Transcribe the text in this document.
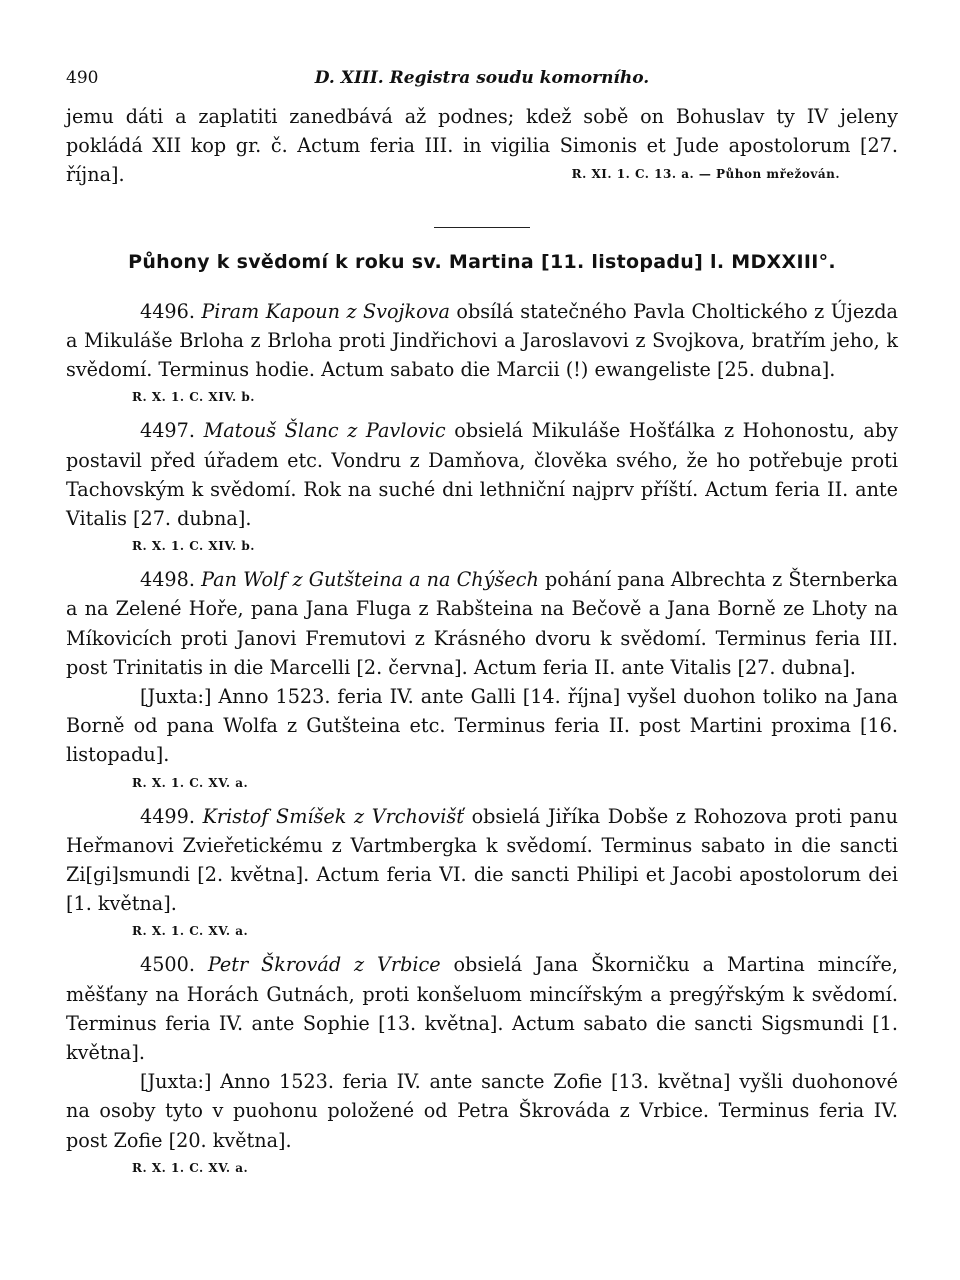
490	D. XIII. Registra soudu komorního.

jemu dáti a zaplatiti zanedbává až podnes; kdež sobě on Bohuslav ty IV jeleny pokládá XII kop gr. č. Actum feria III. in vigilia Simonis et Jude apostolorum [27. října].	R. XI. 1. C. 13. a. — Půhon mřežován.
Půhony k svědomí k roku sv. Martina [11. listopadu] l. MDXXIII°.

4496. Piram Kapoun z Svojkova obsílá statečného Pavla Choltického z Újezda a Mikuláše Brloha z Brloha proti Jindřichovi a Jaroslavovi z Svojkova, bratřím jeho, k svědomí. Terminus hodie. Actum sabato die Marcii (!) ewangeliste [25. dubna].

R. X. 1. C. XIV. b.

4497. Matouš Šlanc z Pavlovic obsielá Mikuláše Hošťálka z Hohonostu, aby postavil před úřadem etc. Vondru z Damňova, člověka svého, že ho potřebuje proti Tachovským k svědomí. Rok na suché dni lethniční najprv příští. Actum feria II. ante Vitalis [27. dubna].

R. X. 1. C. XIV. b.

4498. Pan Wolf z Gutšteina a na Chýšech pohání pana Albrechta z Šternberka a na Zelené Hoře, pana Jana Fluga z Rabšteina na Bečově a Jana Borně ze Lhoty na Míkovicích proti Janovi Fremutovi z Krásného dvoru k svědomí. Terminus feria III. post Trinitatis in die Marcelli [2. června]. Actum feria II. ante Vitalis [27. dubna].

[Juxta:] Anno 1523. feria IV. ante Galli [14. října] vyšel duohon toliko na Jana Borně od pana Wolfa z Gutšteina etc. Terminus feria II. post Martini proxima [16. listopadu].

R. X. 1. C. XV. a.

4499. Kristof Smíšek z Vrchovišť obsielá Jiříka Dobše z Rohozova proti panu Heřmanovi Zvieřetickému z Vartmbergka k svědomí. Terminus sabato in die sancti Zi[gi]smundi [2. května]. Actum feria VI. die sancti Philipi et Jacobi apostolorum dei [1. května].

R. X. 1. C. XV. a.

4500. Petr Škrovád z Vrbice obsielá Jana Škorničku a Martina mincíře, měšťany na Horách Gutnách, proti konšeluom mincířským a pregýřským k svědomí. Terminus feria IV. ante Sophie [13. května]. Actum sabato die sancti Sigsmundi [1. května].

[Juxta:] Anno 1523. feria IV. ante sancte Zofie [13. května] vyšli duohonové na osoby tyto v puohonu položené od Petra Škrováda z Vrbice. Terminus feria IV. post Zofie [20. května].

R. X. 1. C. XV. a.
